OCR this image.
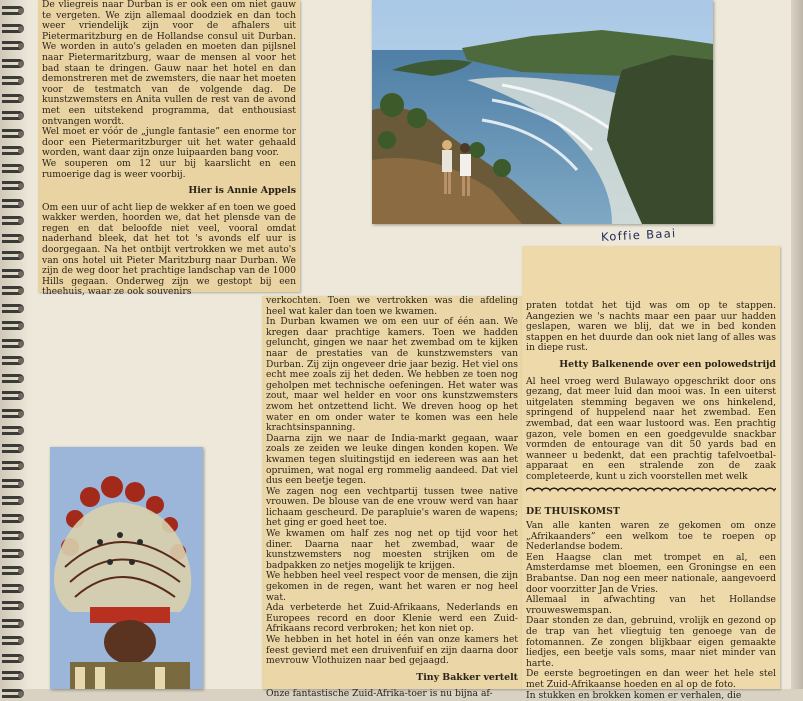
De vliegreis naar Durban is er ook een om niet gauw te vergeten. We zijn allemaal doodziek en dan toch weer vriendelijk zijn voor de afhalers uit Pietermaritzburg en de Hollandse consul uit Durban. We worden in auto's geladen en moeten dan pijlsnel naar Pietermaritzburg, waar de mensen al voor het bad staan te dringen. Gauw naar het hotel en dan demonstreren met de zwemsters, die naar het moeten voor de testmatch van de volgende dag. De kunstzwemsters en Anita vullen de rest van de avond met een uitstekend programma, dat enthousiast ontvangen wordt.

Wel moet er vóór de „jungle fantasie” een enorme tor door een Pietermaritzburger uit het water gehaald worden, want daar zijn onze luipaarden bang voor.

We souperen om 12 uur bij kaarslicht en een rumoerige dag is weer voorbij.

Hier is Annie Appels

Om een uur of acht liep de wekker af en toen we goed wakker werden, hoorden we, dat het plensde van de regen en dat beloofde niet veel, vooral omdat naderhand bleek, dat het tot 's avonds elf uur is doorgegaan. Na het ontbijt vertrokken we met auto's van ons hotel uit Pieter Maritzburg naar Durban. We zijn de weg door het prachtige landschap van de 1000 Hills gegaan. Onderweg zijn we gestopt bij een theehuis, waar ze ook souvenirs

Koffie Baai

verkochten. Toen we vertrokken was die afdeling heel wat kaler dan toen we kwamen.

In Durban kwamen we om een uur of één aan. We kregen daar prachtige kamers. Toen we hadden geluncht, gingen we naar het zwembad om te kijken naar de prestaties van de kunstzwemsters van Durban. Zij zijn ongeveer drie jaar bezig. Het viel ons echt mee zoals zij het deden. We hebben ze toen nog geholpen met technische oefeningen. Het water was zout, maar wel helder en voor ons kunstzwemsters zwom het ontzettend licht. We dreven hoog op het water en om onder water te komen was een hele krachtsinspanning.

Daarna zijn we naar de India-markt gegaan, waar zoals ze zeiden we leuke dingen konden kopen. We kwamen tegen sluitingstijd en iedereen was aan het opruimen, wat nogal erg rommelig aandeed. Dat viel dus een beetje tegen.

We zagen nog een vechtpartij tussen twee native vrouwen. De blouse van de ene vrouw werd van haar lichaam gescheurd. De parapluie's waren de wapens; het ging er goed heet toe.

We kwamen om half zes nog net op tijd voor het diner. Daarna naar het zwembad, waar de kunstzwemsters nog moesten strijken om de badpakken zo netjes mogelijk te krijgen.

We hebben heel veel respect voor de mensen, die zijn gekomen in de regen, want het waren er nog heel wat.

Ada verbeterde het Zuid-Afrikaans, Nederlands en Europees record en door Klenie werd een Zuid-Afrikaans record verbroken; het kon niet op.

We hebben in het hotel in één van onze kamers het feest gevierd met een druivenfuif en zijn daarna door mevrouw Vlothuizen naar bed gejaagd.

Tiny Bakker vertelt

Onze fantastische Zuid-Afrika-toer is nu bijna af-

praten totdat het tijd was om op te stappen. Aangezien we 's nachts maar een paar uur hadden geslapen, waren we blij, dat we in bed konden stappen en het duurde dan ook niet lang of alles was in diepe rust.

Hetty Balkenende over een polowedstrijd

Al heel vroeg werd Bulawayo opgeschrikt door ons gezang, dat meer luid dan mooi was. In een uiterst uitgelaten stemming begaven we ons hinkelend, springend of huppelend naar het zwembad. Een zwembad, dat een waar lustoord was. Een prachtig gazon, vele bomen en een goedgevulde snackbar vormden de entourage van dit 50 yards bad en wanneer u bedenkt, dat een prachtig tafelvoetbal-apparaat en een stralende zon de zaak completeerde, kunt u zich voorstellen met welk

DE THUISKOMST

Van alle kanten waren ze gekomen om onze „Afrikaanders” een welkom toe te roepen op Nederlandse bodem.

Een Haagse clan met trompet en al, een Amsterdamse met bloemen, een Groningse en een Brabantse. Dan nog een meer nationale, aangevoerd door voorzitter Jan de Vries.

Allemaal in afwachting van het Hollandse vrouweswemspan.

Daar stonden ze dan, gebruind, vrolijk en gezond op de trap van het vliegtuig ten genoege van de fotomannen. Ze zongen blijkbaar eigen gemaakte liedjes, een beetje vals soms, maar niet minder van harte.

De eerste begroetingen en dan weer het hele stel met Zuid-Afrikaanse hoeden en al op de foto.

In stukken en brokken komen er verhalen, die
